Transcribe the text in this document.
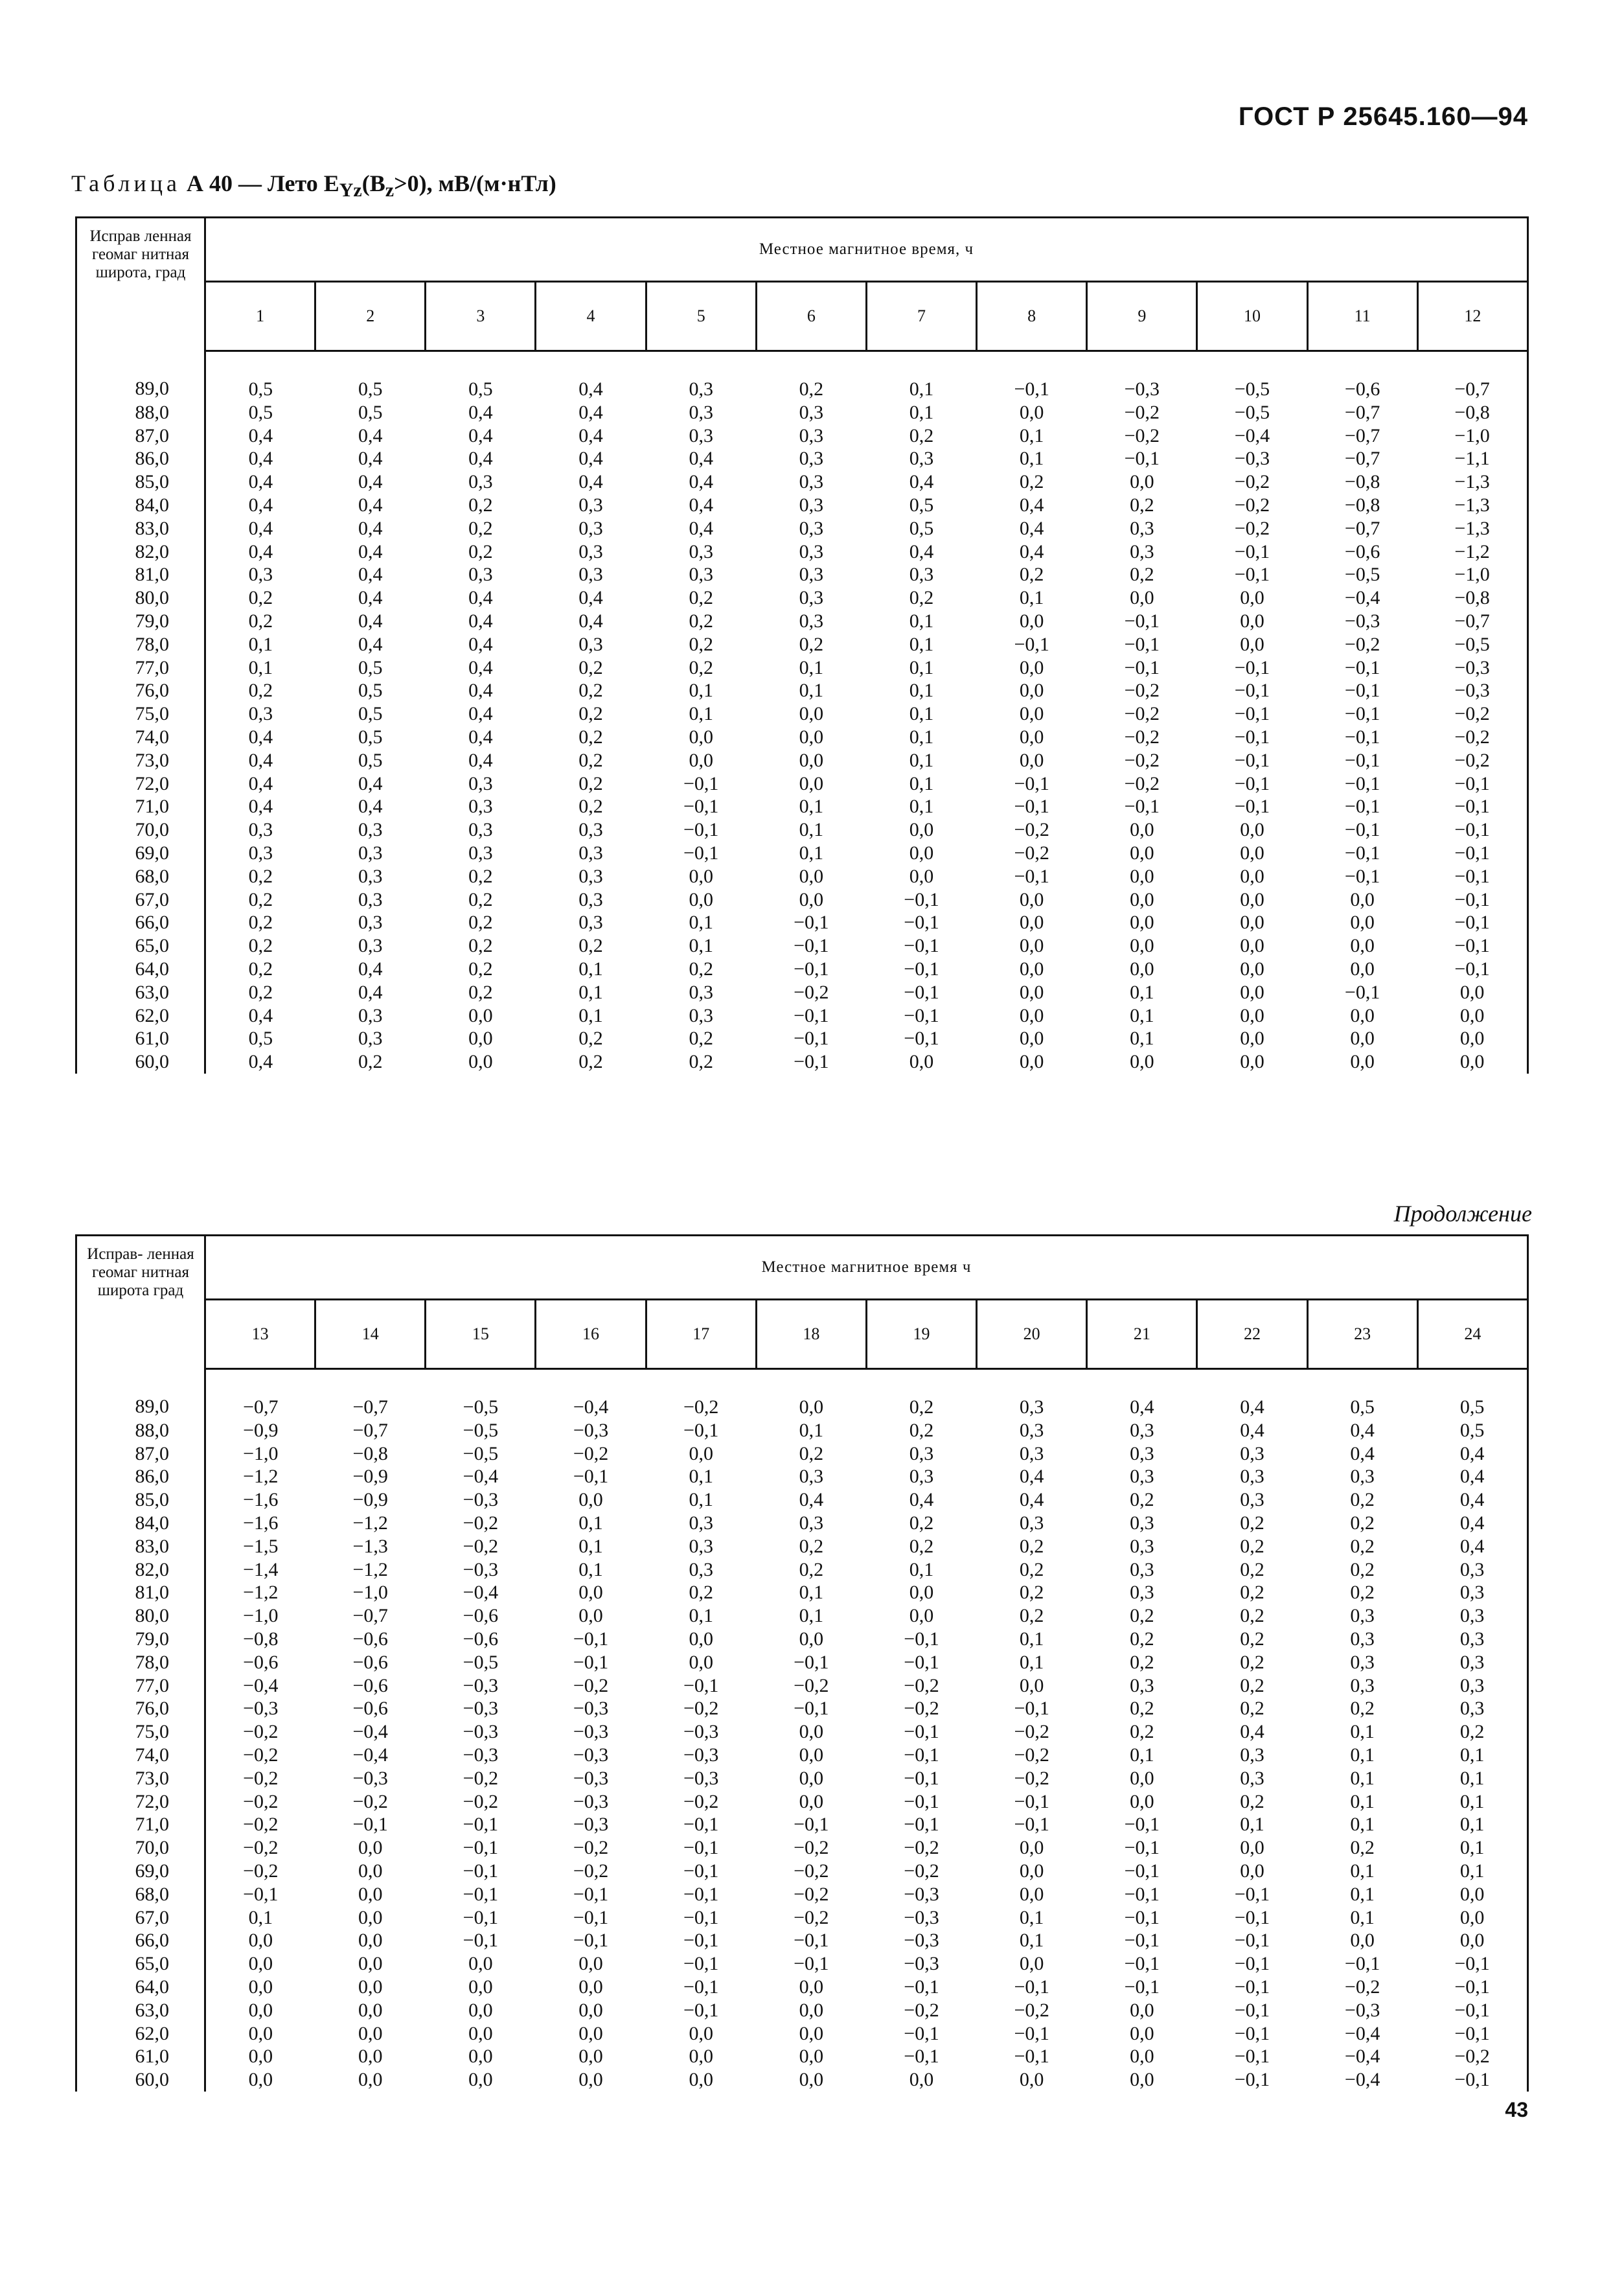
ГОСТ Р 25645.160—94
Таблица А 40 — Лето $E_{Yz}(B_z>0)$, мВ/(м·нТл)
Исправ ленная геомаг нитная широта, град	Местное магнитное время, ч											
	1	2	3	4	5	6	7	8	9	10	11	12
89,0	0,5	0,5	0,5	0,4	0,3	0,2	0,1	−0,1	−0,3	−0,5	−0,6	−0,7
88,0	0,5	0,5	0,4	0,4	0,3	0,3	0,1	0,0	−0,2	−0,5	−0,7	−0,8
87,0	0,4	0,4	0,4	0,4	0,3	0,3	0,2	0,1	−0,2	−0,4	−0,7	−1,0
86,0	0,4	0,4	0,4	0,4	0,4	0,3	0,3	0,1	−0,1	−0,3	−0,7	−1,1
85,0	0,4	0,4	0,3	0,4	0,4	0,3	0,4	0,2	0,0	−0,2	−0,8	−1,3
84,0	0,4	0,4	0,2	0,3	0,4	0,3	0,5	0,4	0,2	−0,2	−0,8	−1,3
83,0	0,4	0,4	0,2	0,3	0,4	0,3	0,5	0,4	0,3	−0,2	−0,7	−1,3
82,0	0,4	0,4	0,2	0,3	0,3	0,3	0,4	0,4	0,3	−0,1	−0,6	−1,2
81,0	0,3	0,4	0,3	0,3	0,3	0,3	0,3	0,2	0,2	−0,1	−0,5	−1,0
80,0	0,2	0,4	0,4	0,4	0,2	0,3	0,2	0,1	0,0	0,0	−0,4	−0,8
79,0	0,2	0,4	0,4	0,4	0,2	0,3	0,1	0,0	−0,1	0,0	−0,3	−0,7
78,0	0,1	0,4	0,4	0,3	0,2	0,2	0,1	−0,1	−0,1	0,0	−0,2	−0,5
77,0	0,1	0,5	0,4	0,2	0,2	0,1	0,1	0,0	−0,1	−0,1	−0,1	−0,3
76,0	0,2	0,5	0,4	0,2	0,1	0,1	0,1	0,0	−0,2	−0,1	−0,1	−0,3
75,0	0,3	0,5	0,4	0,2	0,1	0,0	0,1	0,0	−0,2	−0,1	−0,1	−0,2
74,0	0,4	0,5	0,4	0,2	0,0	0,0	0,1	0,0	−0,2	−0,1	−0,1	−0,2
73,0	0,4	0,5	0,4	0,2	0,0	0,0	0,1	0,0	−0,2	−0,1	−0,1	−0,2
72,0	0,4	0,4	0,3	0,2	−0,1	0,0	0,1	−0,1	−0,2	−0,1	−0,1	−0,1
71,0	0,4	0,4	0,3	0,2	−0,1	0,1	0,1	−0,1	−0,1	−0,1	−0,1	−0,1
70,0	0,3	0,3	0,3	0,3	−0,1	0,1	0,0	−0,2	0,0	0,0	−0,1	−0,1
69,0	0,3	0,3	0,3	0,3	−0,1	0,1	0,0	−0,2	0,0	0,0	−0,1	−0,1
68,0	0,2	0,3	0,2	0,3	0,0	0,0	0,0	−0,1	0,0	0,0	−0,1	−0,1
67,0	0,2	0,3	0,2	0,3	0,0	0,0	−0,1	0,0	0,0	0,0	0,0	−0,1
66,0	0,2	0,3	0,2	0,3	0,1	−0,1	−0,1	0,0	0,0	0,0	0,0	−0,1
65,0	0,2	0,3	0,2	0,2	0,1	−0,1	−0,1	0,0	0,0	0,0	0,0	−0,1
64,0	0,2	0,4	0,2	0,1	0,2	−0,1	−0,1	0,0	0,0	0,0	0,0	−0,1
63,0	0,2	0,4	0,2	0,1	0,3	−0,2	−0,1	0,0	0,1	0,0	−0,1	0,0
62,0	0,4	0,3	0,0	0,1	0,3	−0,1	−0,1	0,0	0,1	0,0	0,0	0,0
61,0	0,5	0,3	0,0	0,2	0,2	−0,1	−0,1	0,0	0,1	0,0	0,0	0,0
60,0	0,4	0,2	0,0	0,2	0,2	−0,1	0,0	0,0	0,0	0,0	0,0	0,0
Продолжение
Исправ- ленная геомаг нитная широта град	Местное магнитное время ч											
	13	14	15	16	17	18	19	20	21	22	23	24
89,0	−0,7	−0,7	−0,5	−0,4	−0,2	0,0	0,2	0,3	0,4	0,4	0,5	0,5
88,0	−0,9	−0,7	−0,5	−0,3	−0,1	0,1	0,2	0,3	0,3	0,4	0,4	0,5
87,0	−1,0	−0,8	−0,5	−0,2	0,0	0,2	0,3	0,3	0,3	0,3	0,4	0,4
86,0	−1,2	−0,9	−0,4	−0,1	0,1	0,3	0,3	0,4	0,3	0,3	0,3	0,4
85,0	−1,6	−0,9	−0,3	0,0	0,1	0,4	0,4	0,4	0,2	0,3	0,2	0,4
84,0	−1,6	−1,2	−0,2	0,1	0,3	0,3	0,2	0,3	0,3	0,2	0,2	0,4
83,0	−1,5	−1,3	−0,2	0,1	0,3	0,2	0,2	0,2	0,3	0,2	0,2	0,4
82,0	−1,4	−1,2	−0,3	0,1	0,3	0,2	0,1	0,2	0,3	0,2	0,2	0,3
81,0	−1,2	−1,0	−0,4	0,0	0,2	0,1	0,0	0,2	0,3	0,2	0,2	0,3
80,0	−1,0	−0,7	−0,6	0,0	0,1	0,1	0,0	0,2	0,2	0,2	0,3	0,3
79,0	−0,8	−0,6	−0,6	−0,1	0,0	0,0	−0,1	0,1	0,2	0,2	0,3	0,3
78,0	−0,6	−0,6	−0,5	−0,1	0,0	−0,1	−0,1	0,1	0,2	0,2	0,3	0,3
77,0	−0,4	−0,6	−0,3	−0,2	−0,1	−0,2	−0,2	0,0	0,3	0,2	0,3	0,3
76,0	−0,3	−0,6	−0,3	−0,3	−0,2	−0,1	−0,2	−0,1	0,2	0,2	0,2	0,3
75,0	−0,2	−0,4	−0,3	−0,3	−0,3	0,0	−0,1	−0,2	0,2	0,4	0,1	0,2
74,0	−0,2	−0,4	−0,3	−0,3	−0,3	0,0	−0,1	−0,2	0,1	0,3	0,1	0,1
73,0	−0,2	−0,3	−0,2	−0,3	−0,3	0,0	−0,1	−0,2	0,0	0,3	0,1	0,1
72,0	−0,2	−0,2	−0,2	−0,3	−0,2	0,0	−0,1	−0,1	0,0	0,2	0,1	0,1
71,0	−0,2	−0,1	−0,1	−0,3	−0,1	−0,1	−0,1	−0,1	−0,1	0,1	0,1	0,1
70,0	−0,2	0,0	−0,1	−0,2	−0,1	−0,2	−0,2	0,0	−0,1	0,0	0,2	0,1
69,0	−0,2	0,0	−0,1	−0,2	−0,1	−0,2	−0,2	0,0	−0,1	0,0	0,1	0,1
68,0	−0,1	0,0	−0,1	−0,1	−0,1	−0,2	−0,3	0,0	−0,1	−0,1	0,1	0,0
67,0	0,1	0,0	−0,1	−0,1	−0,1	−0,2	−0,3	0,1	−0,1	−0,1	0,1	0,0
66,0	0,0	0,0	−0,1	−0,1	−0,1	−0,1	−0,3	0,1	−0,1	−0,1	0,0	0,0
65,0	0,0	0,0	0,0	0,0	−0,1	−0,1	−0,3	0,0	−0,1	−0,1	−0,1	−0,1
64,0	0,0	0,0	0,0	0,0	−0,1	0,0	−0,1	−0,1	−0,1	−0,1	−0,2	−0,1
63,0	0,0	0,0	0,0	0,0	−0,1	0,0	−0,2	−0,2	0,0	−0,1	−0,3	−0,1
62,0	0,0	0,0	0,0	0,0	0,0	0,0	−0,1	−0,1	0,0	−0,1	−0,4	−0,1
61,0	0,0	0,0	0,0	0,0	0,0	0,0	−0,1	−0,1	0,0	−0,1	−0,4	−0,2
60,0	0,0	0,0	0,0	0,0	0,0	0,0	0,0	0,0	0,0	−0,1	−0,4	−0,1
43
